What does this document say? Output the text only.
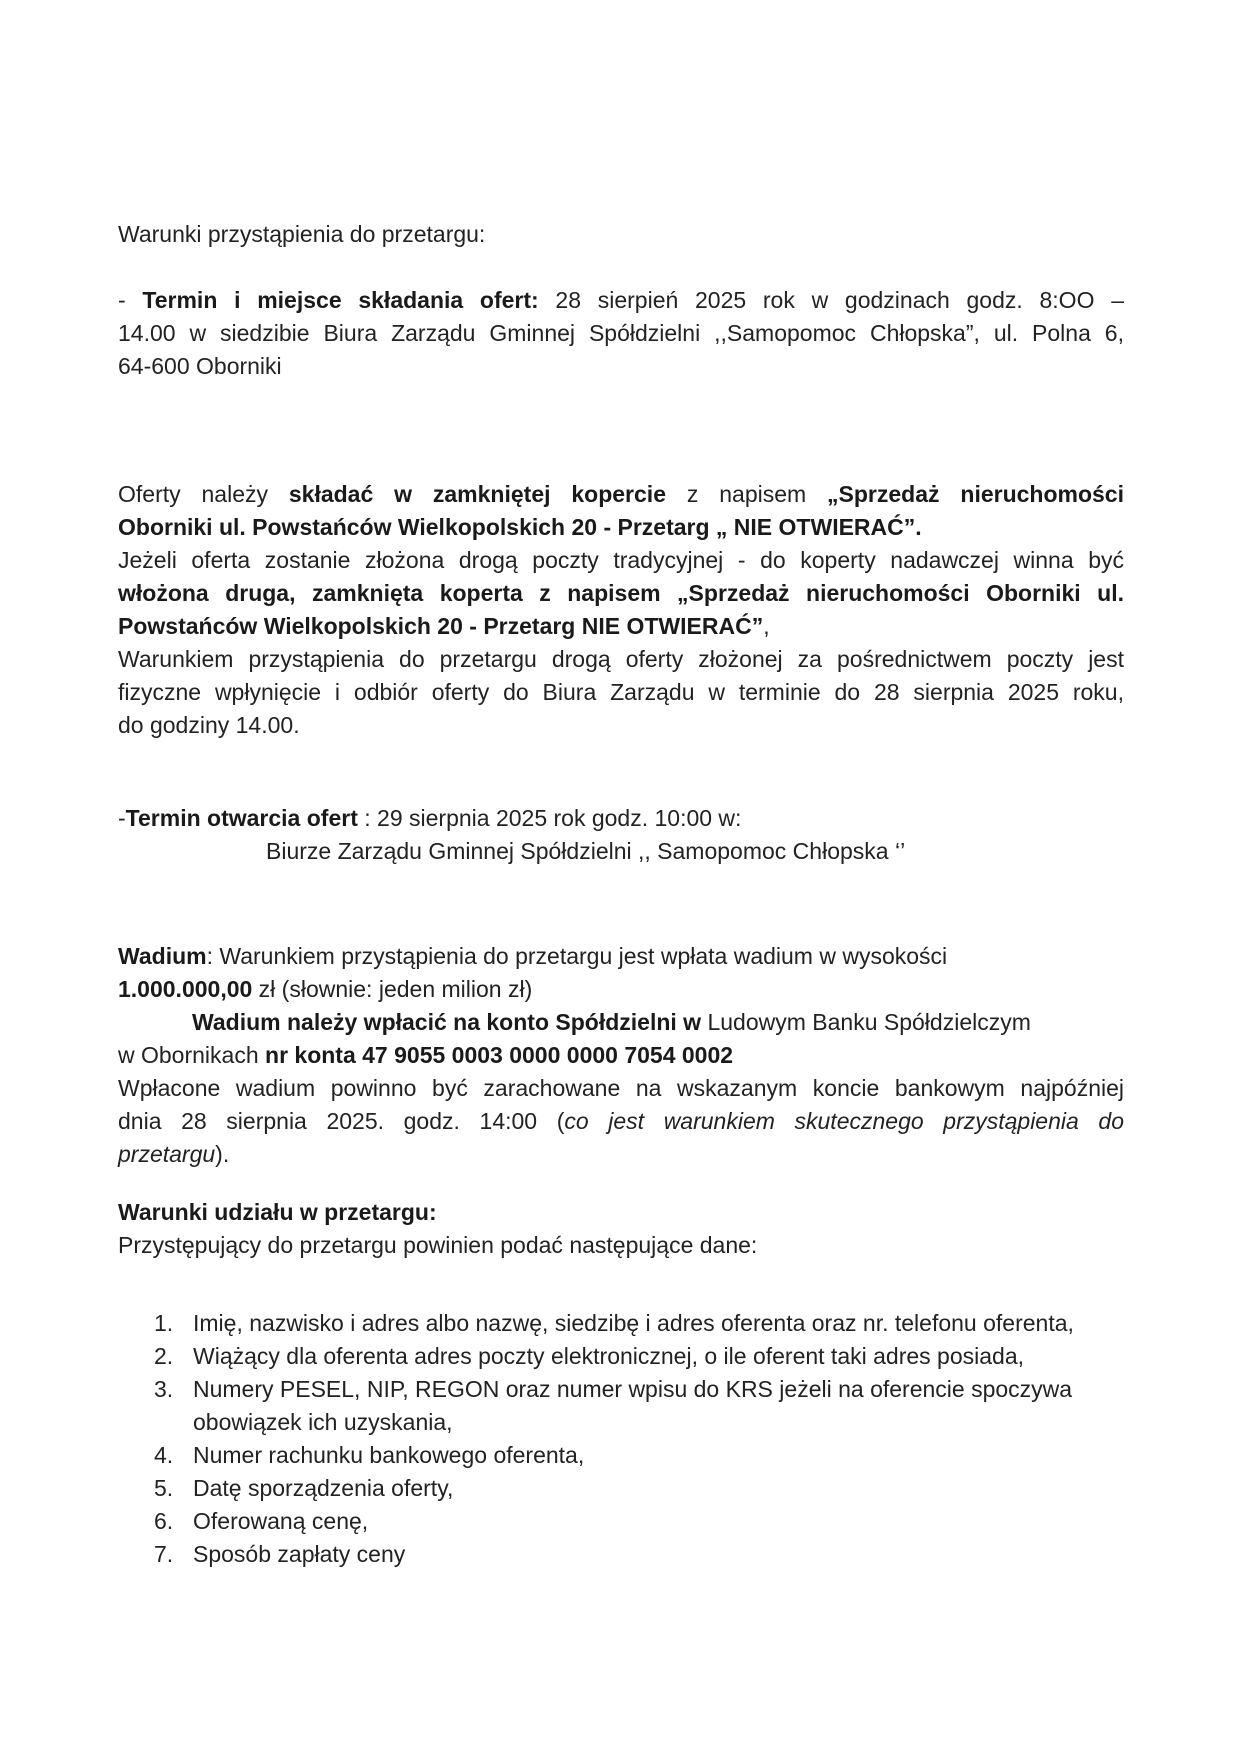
Warunki przystąpienia do przetargu:

- Termin i miejsce składania ofert: 28 sierpień 2025 rok w godzinach godz. 8:OO –
14.00 w siedzibie Biura Zarządu Gminnej Spółdzielni ,,Samopomoc Chłopska”, ul. Polna 6,
64-600 Oborniki
Oferty należy składać w zamkniętej kopercie z napisem „Sprzedaż nieruchomości
Oborniki ul. Powstańców Wielkopolskich 20 - Przetarg „ NIE OTWIERAĆ”.
Jeżeli oferta zostanie złożona drogą poczty tradycyjnej - do koperty nadawczej winna być
włożona druga, zamknięta koperta z napisem „Sprzedaż nieruchomości Oborniki ul.
Powstańców Wielkopolskich 20 - Przetarg NIE OTWIERAĆ”,
Warunkiem przystąpienia do przetargu drogą oferty złożonej za pośrednictwem poczty jest
fizyczne wpłynięcie i odbiór oferty do Biura Zarządu w terminie do 28 sierpnia 2025 roku,
do godziny 14.00.
-Termin otwarcia ofert : 29 sierpnia 2025 rok godz. 10:00 w:
Biurze Zarządu Gminnej Spółdzielni ,, Samopomoc Chłopska ‘’
Wadium: Warunkiem przystąpienia do przetargu jest wpłata wadium w wysokości
1.000.000,00 zł (słownie: jeden milion zł)
Wadium należy wpłacić na konto Spółdzielni w Ludowym Banku Spółdzielczym
w Obornikach nr konta 47 9055 0003 0000 0000 7054 0002
Wpłacone wadium powinno być zarachowane na wskazanym koncie bankowym najpóźniej
dnia 28 sierpnia 2025. godz. 14:00 (co jest warunkiem skutecznego przystąpienia do
przetargu).
Warunki udziału w przetargu:
Przystępujący do przetargu powinien podać następujące dane:
1. Imię, nazwisko i adres albo nazwę, siedzibę i adres oferenta oraz nr. telefonu oferenta,
2. Wiążący dla oferenta adres poczty elektronicznej, o ile oferent taki adres posiada,
3. Numery PESEL, NIP, REGON oraz numer wpisu do KRS jeżeli na oferencie spoczywa obowiązek ich uzyskania,
4. Numer rachunku bankowego oferenta,
5. Datę sporządzenia oferty,
6. Oferowaną cenę,
7. Sposób zapłaty ceny
